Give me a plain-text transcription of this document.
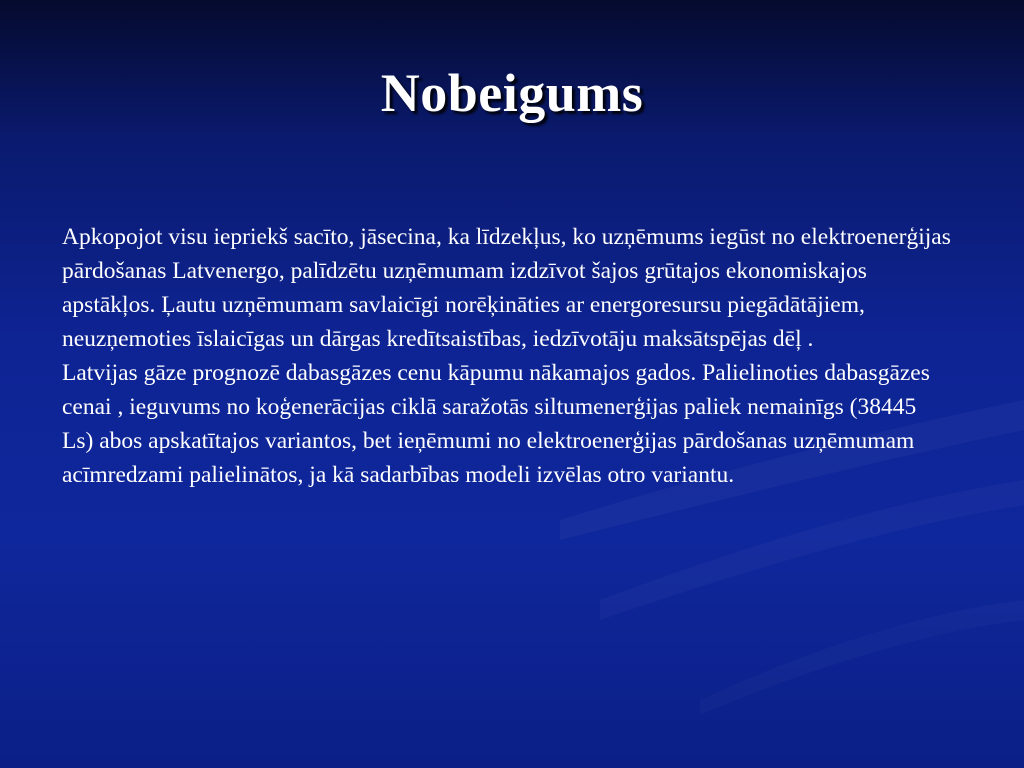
Nobeigums

Apkopojot visu iepriekš sacīto, jāsecina, ka līdzekļus, ko uzņēmums iegūst no elektroenerģijas pārdošanas Latvenergo, palīdzētu uzņēmumam izdzīvot šajos grūtajos ekonomiskajos apstākļos. Ļautu uzņēmumam savlaicīgi norēķināties ar energoresursu piegādātājiem, neuzņemoties īslaicīgas un dārgas kredītsaistības, iedzīvotāju maksātspējas dēļ .

Latvijas gāze prognozē dabasgāzes cenu kāpumu nākamajos gados. Palielinoties dabasgāzes cenai , ieguvums no koģenerācijas ciklā saražotās siltumenerģijas paliek nemainīgs (38445 Ls) abos apskatītajos variantos, bet ieņēmumi no elektroenerģijas pārdošanas uzņēmumam acīmredzami palielinātos, ja kā sadarbības modeli izvēlas otro variantu.
